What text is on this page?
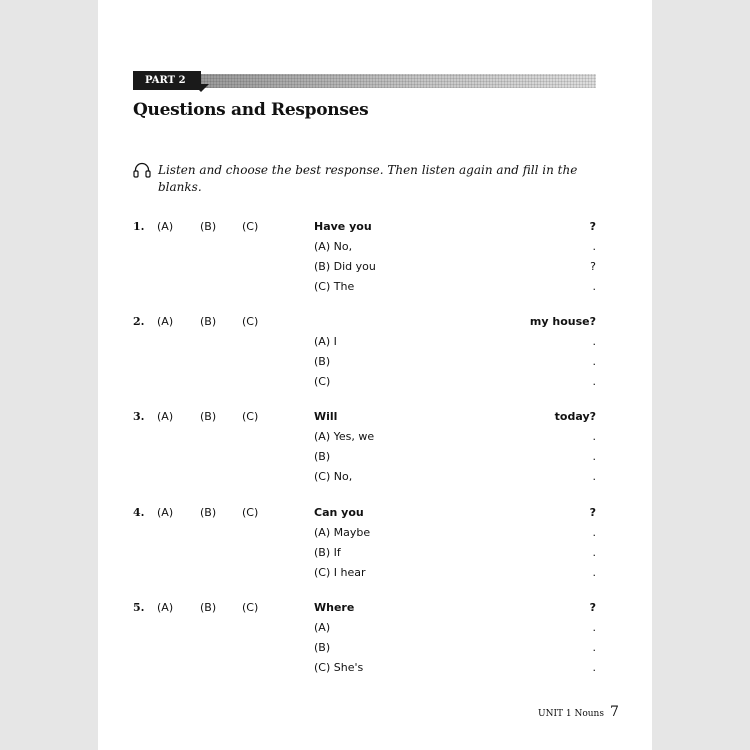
PART 2
Questions and Responses
Listen and choose the best response. Then listen again and fill in the blanks.
1. (A) (B) (C)	Have you	?
(A) No,	.
(B) Did you	?
(C) The	.
2. (A) (B) (C)	my house?
(A) I	.
(B)	.
(C)	.
3. (A) (B) (C)	Will	today?
(A) Yes, we	.
(B)	.
(C) No,	.
4. (A) (B) (C)	Can you	?
(A) Maybe	.
(B) If	.
(C) I hear	.
5. (A) (B) (C)	Where	?
(A)	.
(B)	.
(C) She's	.
UNIT 1 Nouns 7
